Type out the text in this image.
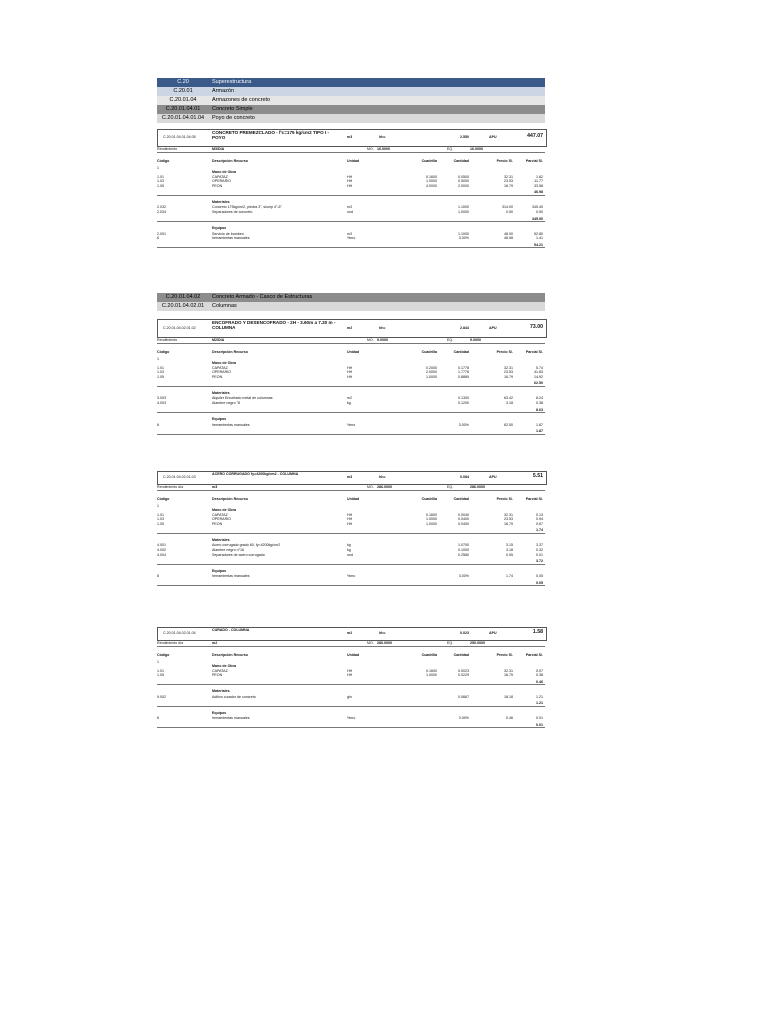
C.20	Superestructura
C.20.01	Armazón
C.20.01.04	Armazones de concreto
C.20.01.04.01	Concreto Simple
C.20.01.04.01.04	Poyo de concreto
C.20.01.04.01.04.05
CONCRETO PREMEZCLADO - f'c=175 kg/cm2 TIPO I - POYO	m3	hh=	2.550	APU	447.07
Rendimiento	M3/DIA	MO. 16.0000	EQ.	16.0000
Código	Descripción Recurso	Unidad	Cuadrilla	Cantidad	Precio S/.	Parcial S/.
1
Mano de Obra
1.01	CAPATAZ	HH	0.1600	0.0500	32.31	1.62
1.03	OPERARIO	HH	1.0000	0.5000	23.53	11.77
1.05	PEON	HH	4.0000	2.0000	16.79	33.58
46.98
Materiales
2.032	Concreto 175kg/cm2, piedra 3", slump 4"-6"	m3	1.1000	314.00	345.40
2.034	Separadores de concreto	und	1.0000	0.50	0.50
345.90
Equipos
2.001	Servicio de bombeo	m3	1.1000	48.00	52.80
6	herramientas manuales	%mo	3.00%	46.98	1.41
54.21
C.20.01.04.02	Concreto Armado - Casco de Estructuras
C.20.01.04.02.01	Columnas
C.20.01.04.02.01.02
ENCOFRADO Y DESENCOFRADO - 2H - 3.60m a 7.20 m - COLUMNA	m2	hh=	2.844	APU	73.00
Rendimiento	M2/DIA	MO. 9.0000	EQ.	9.0000
Código	Descripción Recurso	Unidad	Cuadrilla	Cantidad	Precio S/.	Parcial S/.
1
Mano de Obra
1.01	CAPATAZ	HH	0.2000	0.1778	32.31	5.74
1.03	OPERARIO	HH	2.0000	1.7778	23.53	41.83
1.05	PEON	HH	1.0000	0.8889	16.79	14.92
62.50
Materiales
3.003	Alquiler Encofrado metal de columnas	m2	0.1300	63.42	8.24
4.003	Alambre negro °8	kg	0.1200	3.18	0.38
8.63
Equipos
6	herramientas manuales	%mo	3.00%	62.50	1.87
1.87
C.20.01.04.02.01.03
ACERO CORRUGADO fy=4200kg/cm2 - COLUMNA
m3	hh=	0.084	APU	5.51
Rendimiento día	m3	MO. 286.0000	EQ.	286.0000
Código	Descripción Recurso	Unidad	Cuadrilla	Cantidad	Precio S/.	Parcial S/.
1
Mano de Obra
1.01	CAPATAZ	HH	0.1600	0.0040	32.31	0.13
1.03	OPERARIO	HH	1.0000	0.0400	23.53	0.94
1.05	PEON	HH	1.0000	0.0400	16.79	0.67
1.74
Materiales
4.001	Acero corrugado grado 60, fy=4200kg/cm2	kg	1.0700	3.15	3.37
4.002	Alambre negro n°16	kg	0.1000	3.18	0.32
4.004	Separadores de acero corrugado	und	0.2580	0.05	0.01
3.72
Equipos
6	herramientas manuales	%mo	3.00%	1.74	0.05
0.05
C.20.01.04.02.01.04
CURADO - COLUMNA
m2	hh=	0.023	APU	1.58
Rendimiento día	m2	MO. 280.0000	EQ.	250.0000
Código	Descripción Recurso	Unidad	Cuadrilla	Cantidad	Precio S/.	Parcial S/.
1
Mano de Obra
1.01	CAPATAZ	HH	0.1600	0.0023	32.31	0.07
1.05	PEON	HH	1.0000	0.0229	16.79	0.38
0.46
Materiales
9.002	Aditivo curador de concreto	gln	0.0667	18.18	1.21
1.21
Equipos
6	herramientas manuales	%mo	3.00%	0.46	0.01
0.01
